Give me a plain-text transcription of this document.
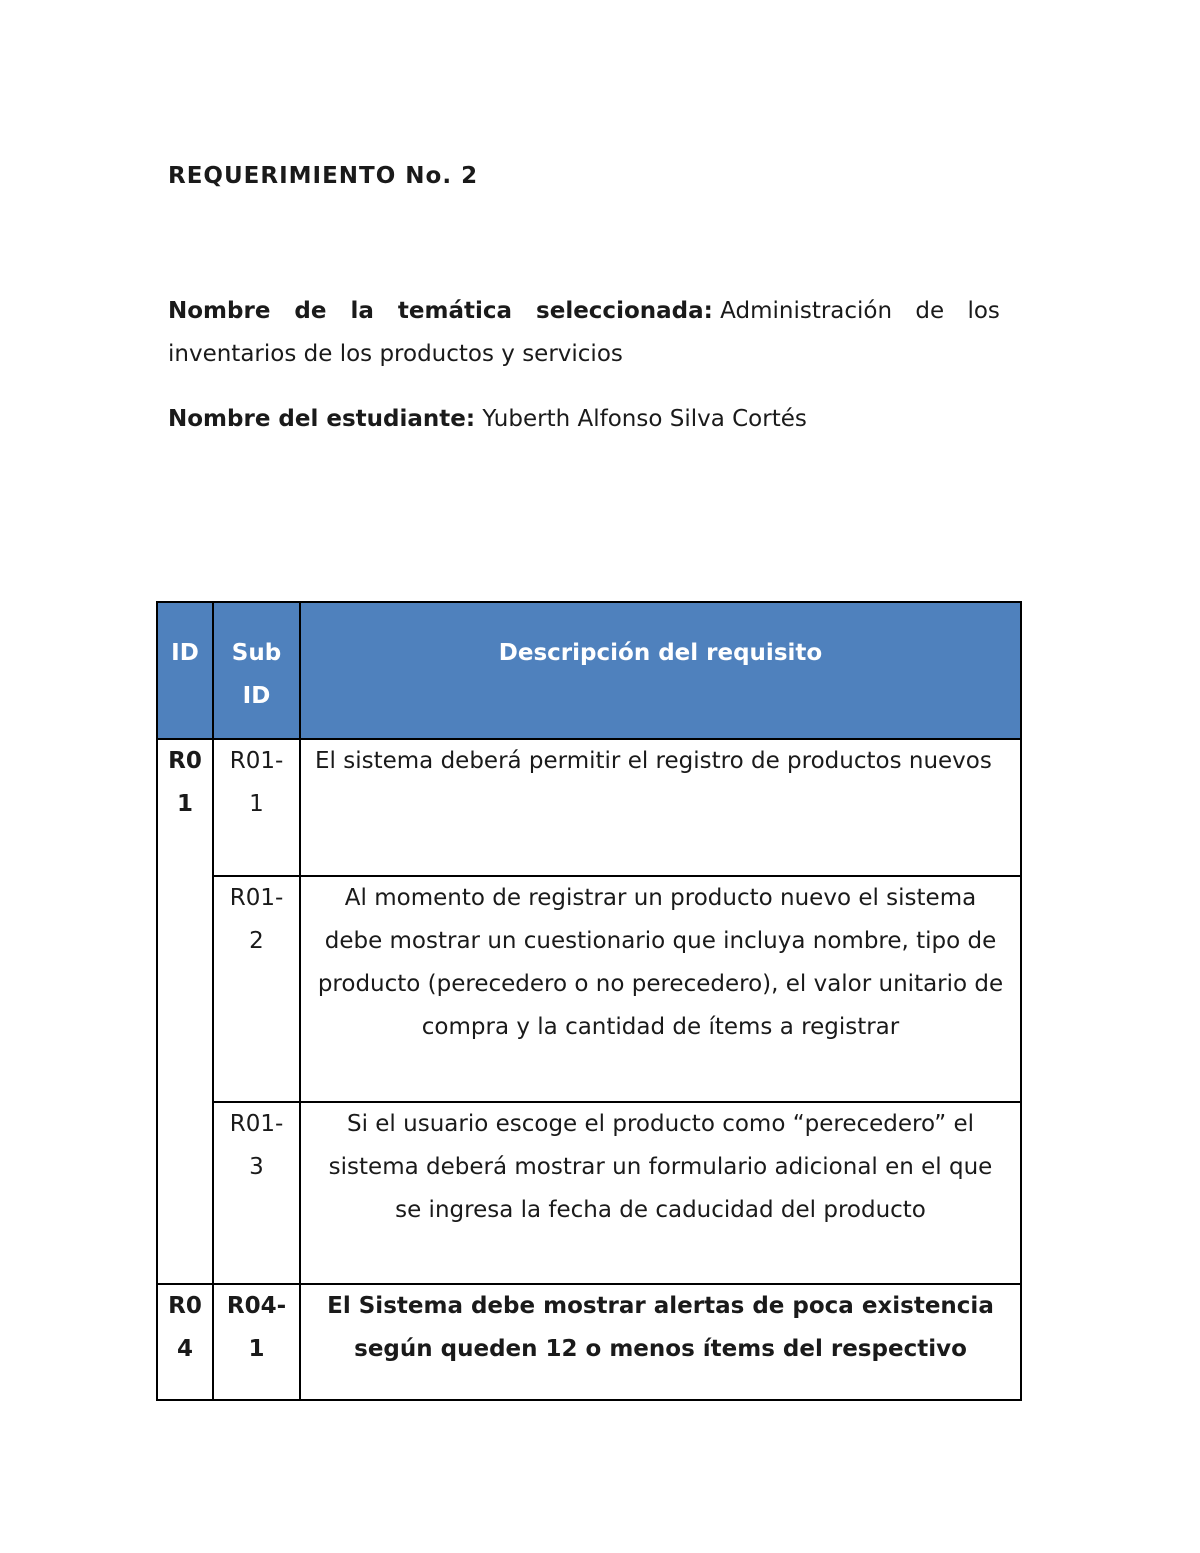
REQUERIMIENTO No. 2

Nombre de la temática seleccionada: Administración de los
inventarios de los productos y servicios

Nombre del estudiante: Yuberth Alfonso Silva Cortés

ID	Sub ID	Descripción del requisito
R01	R01-1	El sistema deberá permitir el registro de productos nuevos
	R01-2	Al momento de registrar un producto nuevo el sistema debe mostrar un cuestionario que incluya nombre, tipo de producto (perecedero o no perecedero), el valor unitario de compra y la cantidad de ítems a registrar

	R01-3	Si el usuario escoge el producto como “perecedero” el sistema deberá mostrar un formulario adicional en el que se ingresa la fecha de caducidad del producto

R04	R04-1	El Sistema debe mostrar alertas de poca existencia según queden 12 o menos ítems del respectivo
